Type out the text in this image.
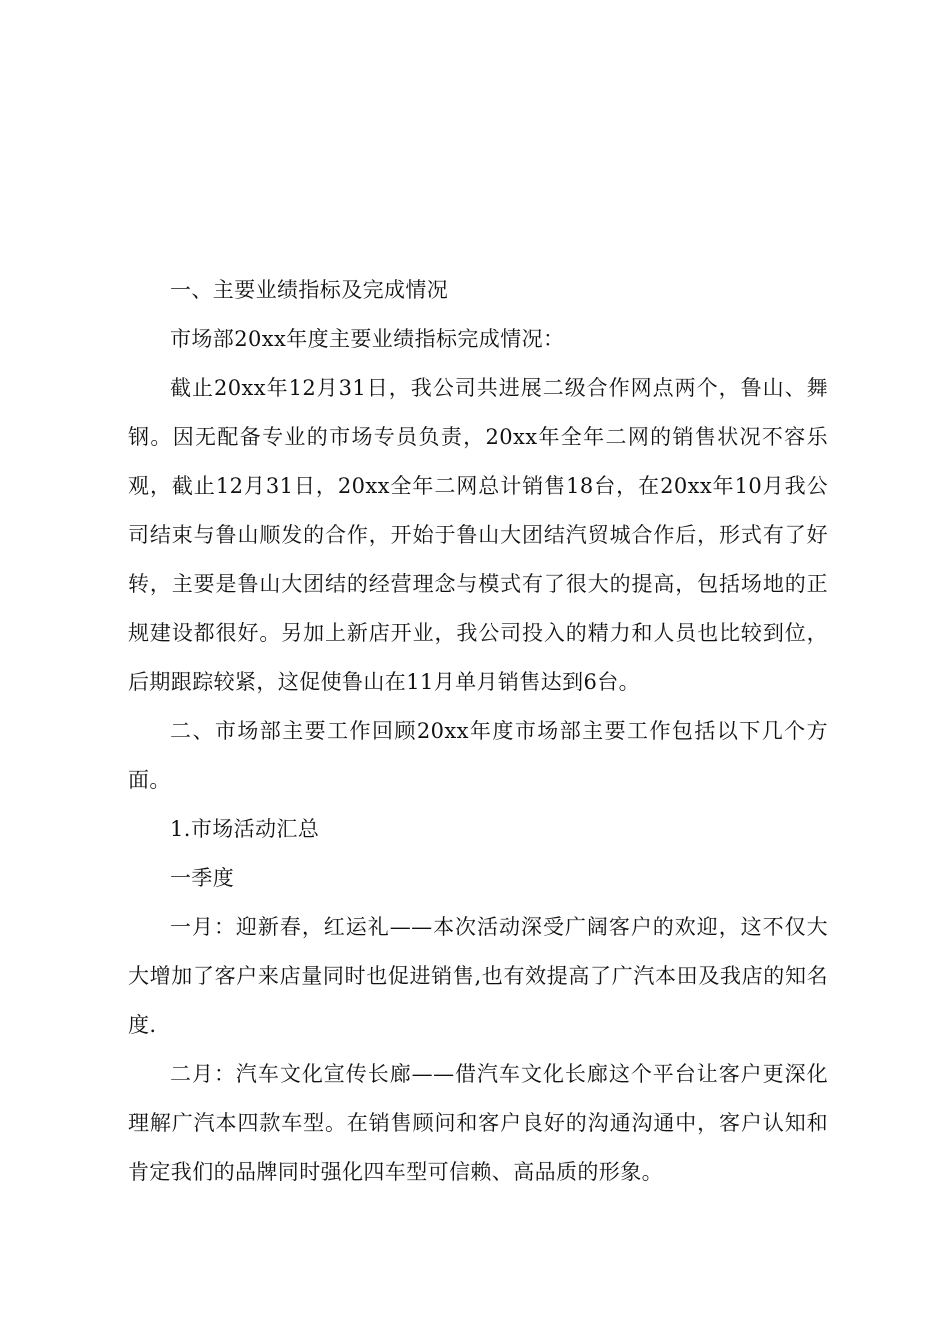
一、主要业绩指标及完成情况

市场部20xx年度主要业绩指标完成情况：

截止20xx年12月31日，我公司共进展二级合作网点两个，鲁山、舞钢。因无配备专业的市场专员负责，20xx年全年二网的销售状况不容乐观，截止12月31日，20xx全年二网总计销售18台，在20xx年10月我公司结束与鲁山顺发的合作，开始于鲁山大团结汽贸城合作后，形式有了好转，主要是鲁山大团结的经营理念与模式有了很大的提高，包括场地的正规建设都很好。另加上新店开业，我公司投入的精力和人员也比较到位，后期跟踪较紧，这促使鲁山在11月单月销售达到6台。

二、市场部主要工作回顾20xx年度市场部主要工作包括以下几个方面。

1.市场活动汇总

一季度

一月：迎新春，红运礼——本次活动深受广阔客户的欢迎，这不仅大大增加了客户来店量同时也促进销售,也有效提高了广汽本田及我店的知名度.

二月：汽车文化宣传长廊——借汽车文化长廊这个平台让客户更深化理解广汽本四款车型。在销售顾问和客户良好的沟通沟通中，客户认知和肯定我们的品牌同时强化四车型可信赖、高品质的形象。
